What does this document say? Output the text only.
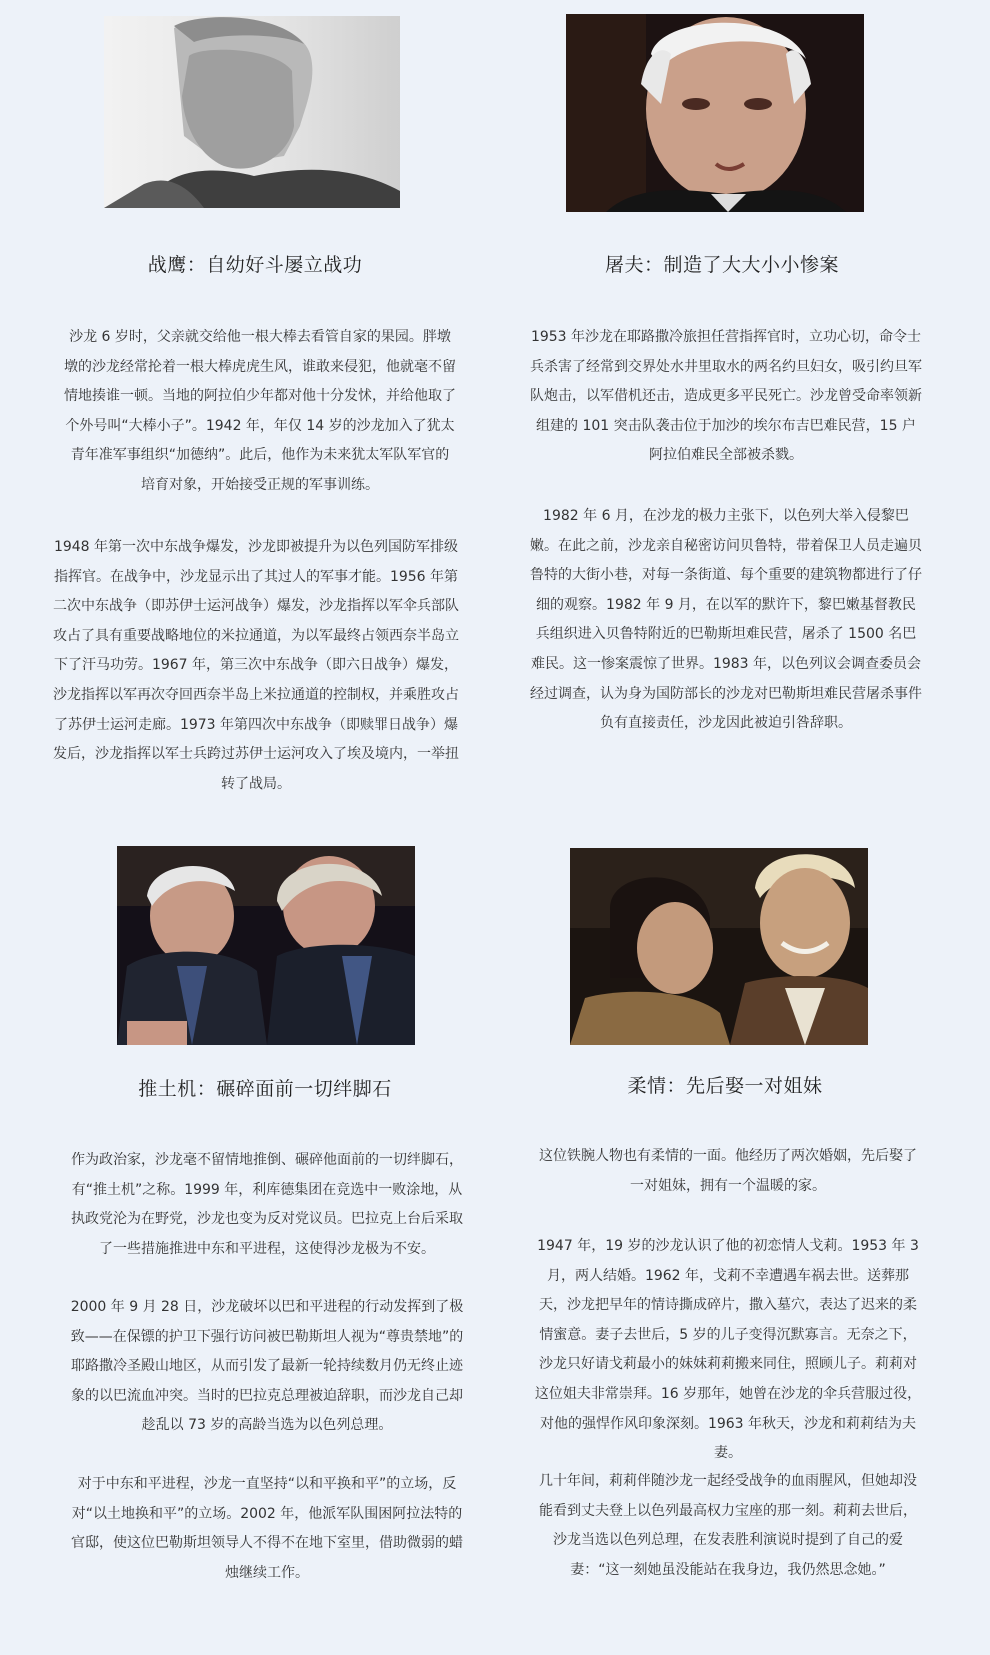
战鹰：自幼好斗屡立战功	屠夫：制造了大大小小惨案

沙龙 6 岁时，父亲就交给他一根大棒去看管自家的果园。胖墩墩的沙龙经常抡着一根大棒虎虎生风，谁敢来侵犯，他就毫不留情地揍谁一顿。当地的阿拉伯少年都对他十分发怵，并给他取了个外号叫“大棒小子”。1942 年，年仅 14 岁的沙龙加入了犹太青年准军事组织“加德纳”。此后，他作为未来犹太军队军官的培育对象，开始接受正规的军事训练。

1948 年第一次中东战争爆发，沙龙即被提升为以色列国防军排级指挥官。在战争中，沙龙显示出了其过人的军事才能。1956 年第二次中东战争（即苏伊士运河战争）爆发，沙龙指挥以军伞兵部队攻占了具有重要战略地位的米拉通道，为以军最终占领西奈半岛立下了汗马功劳。1967 年，第三次中东战争（即六日战争）爆发，沙龙指挥以军再次夺回西奈半岛上米拉通道的控制权，并乘胜攻占了苏伊士运河走廊。1973 年第四次中东战争（即赎罪日战争）爆发后，沙龙指挥以军士兵跨过苏伊士运河攻入了埃及境内，一举扭转了战局。

1953 年沙龙在耶路撒冷旅担任营指挥官时，立功心切，命令士兵杀害了经常到交界处水井里取水的两名约旦妇女，吸引约旦军队炮击，以军借机还击，造成更多平民死亡。沙龙曾受命率领新组建的 101 突击队袭击位于加沙的埃尔布吉巴难民营，15 户阿拉伯难民全部被杀戮。

1982 年 6 月，在沙龙的极力主张下，以色列大举入侵黎巴嫩。在此之前，沙龙亲自秘密访问贝鲁特，带着保卫人员走遍贝鲁特的大街小巷，对每一条街道、每个重要的建筑物都进行了仔细的观察。1982 年 9 月，在以军的默许下，黎巴嫩基督教民兵组织进入贝鲁特附近的巴勒斯坦难民营，屠杀了 1500 名巴难民。这一惨案震惊了世界。1983 年，以色列议会调查委员会经过调查，认为身为国防部长的沙龙对巴勒斯坦难民营屠杀事件负有直接责任，沙龙因此被迫引咎辞职。

推土机：碾碎面前一切绊脚石	柔情：先后娶一对姐妹

作为政治家，沙龙毫不留情地推倒、碾碎他面前的一切绊脚石，有“推土机”之称。1999 年，利库德集团在竞选中一败涂地，从执政党沦为在野党，沙龙也变为反对党议员。巴拉克上台后采取了一些措施推进中东和平进程，这使得沙龙极为不安。

2000 年 9 月 28 日，沙龙破坏以巴和平进程的行动发挥到了极致——在保镖的护卫下强行访问被巴勒斯坦人视为“尊贵禁地”的耶路撒冷圣殿山地区，从而引发了最新一轮持续数月仍无终止迹象的以巴流血冲突。当时的巴拉克总理被迫辞职，而沙龙自己却趁乱以 73 岁的高龄当选为以色列总理。

对于中东和平进程，沙龙一直坚持“以和平换和平”的立场，反对“以土地换和平”的立场。2002 年，他派军队围困阿拉法特的官邸，使这位巴勒斯坦领导人不得不在地下室里，借助微弱的蜡烛继续工作。

这位铁腕人物也有柔情的一面。他经历了两次婚姻，先后娶了一对姐妹，拥有一个温暖的家。

1947 年，19 岁的沙龙认识了他的初恋情人戈莉。1953 年 3 月，两人结婚。1962 年，戈莉不幸遭遇车祸去世。送葬那天，沙龙把早年的情诗撕成碎片，撒入墓穴，表达了迟来的柔情蜜意。妻子去世后，5 岁的儿子变得沉默寡言。无奈之下，沙龙只好请戈莉最小的妹妹莉莉搬来同住，照顾儿子。莉莉对这位姐夫非常崇拜。16 岁那年，她曾在沙龙的伞兵营服过役，对他的强悍作风印象深刻。1963 年秋天，沙龙和莉莉结为夫妻。

几十年间，莉莉伴随沙龙一起经受战争的血雨腥风，但她却没能看到丈夫登上以色列最高权力宝座的那一刻。莉莉去世后，沙龙当选以色列总理，在发表胜利演说时提到了自己的爱妻：“这一刻她虽没能站在我身边，我仍然思念她。”
